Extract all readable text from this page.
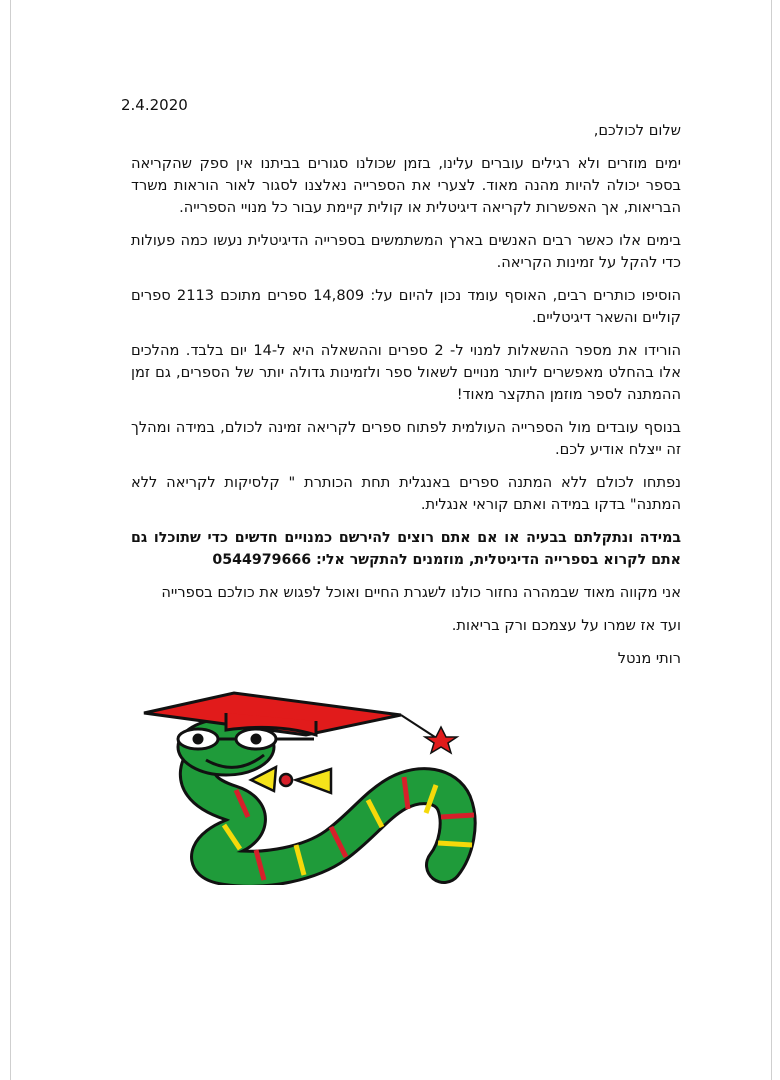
2.4.2020

שלום לכולכם,

ימים מוזרים ולא רגילים עוברים עלינו, בזמן שכולנו סגורים בביתנו אין ספק שהקריאה בספר יכולה להיות מהנה מאוד. לצערי את הספרייה נאלצנו לסגור לאור הוראות משרד הבריאות, אך האפשרות לקריאה דיגיטלית או קולית קיימת עבור כל מנויי הספרייה.

בימים אלו כאשר רבים האנשים בארץ המשתמשים בספרייה הדיגיטלית נעשו כמה פעולות כדי להקל על זמינות הקריאה.

הוסיפו כותרים רבים, האוסף עומד נכון להיום על: 14,809 ספרים מתוכם 2113 ספרים קוליים והשאר דיגיטליים.

הורידו את מספר ההשאלות למנוי ל- 2 ספרים וההשאלה היא ל-14 יום בלבד. מהלכים אלו בהחלט מאפשרים ליותר מנויים לשאול ספר ולזמינות גדולה יותר של הספרים, גם זמן ההמתנה לספר מוזמן התקצר מאוד!

בנוסף עובדים מול הספרייה העולמית לפתוח ספרים לקריאה זמינה לכולם, במידה ומהלך זה ייצלח אודיע לכם.

נפתחו לכולם ללא המתנה ספרים באנגלית תחת הכותרת " קלסיקות לקריאה ללא המתנה" בדקו במידה ואתם קוראי אנגלית.

במידה ונתקלתם בבעיה או אם אתם רוצים להירשם כמנויים חדשים כדי שתוכלו גם אתם לקרוא בספרייה הדיגיטלית, מוזמנים להתקשר אלי: 0544979666

אני מקווה מאוד שבמהרה נחזור כולנו לשגרת החיים ואוכל לפגוש את כולכם בספרייה

ועד אז שמרו על עצמכם ורק בריאות.

רותי מנטל
